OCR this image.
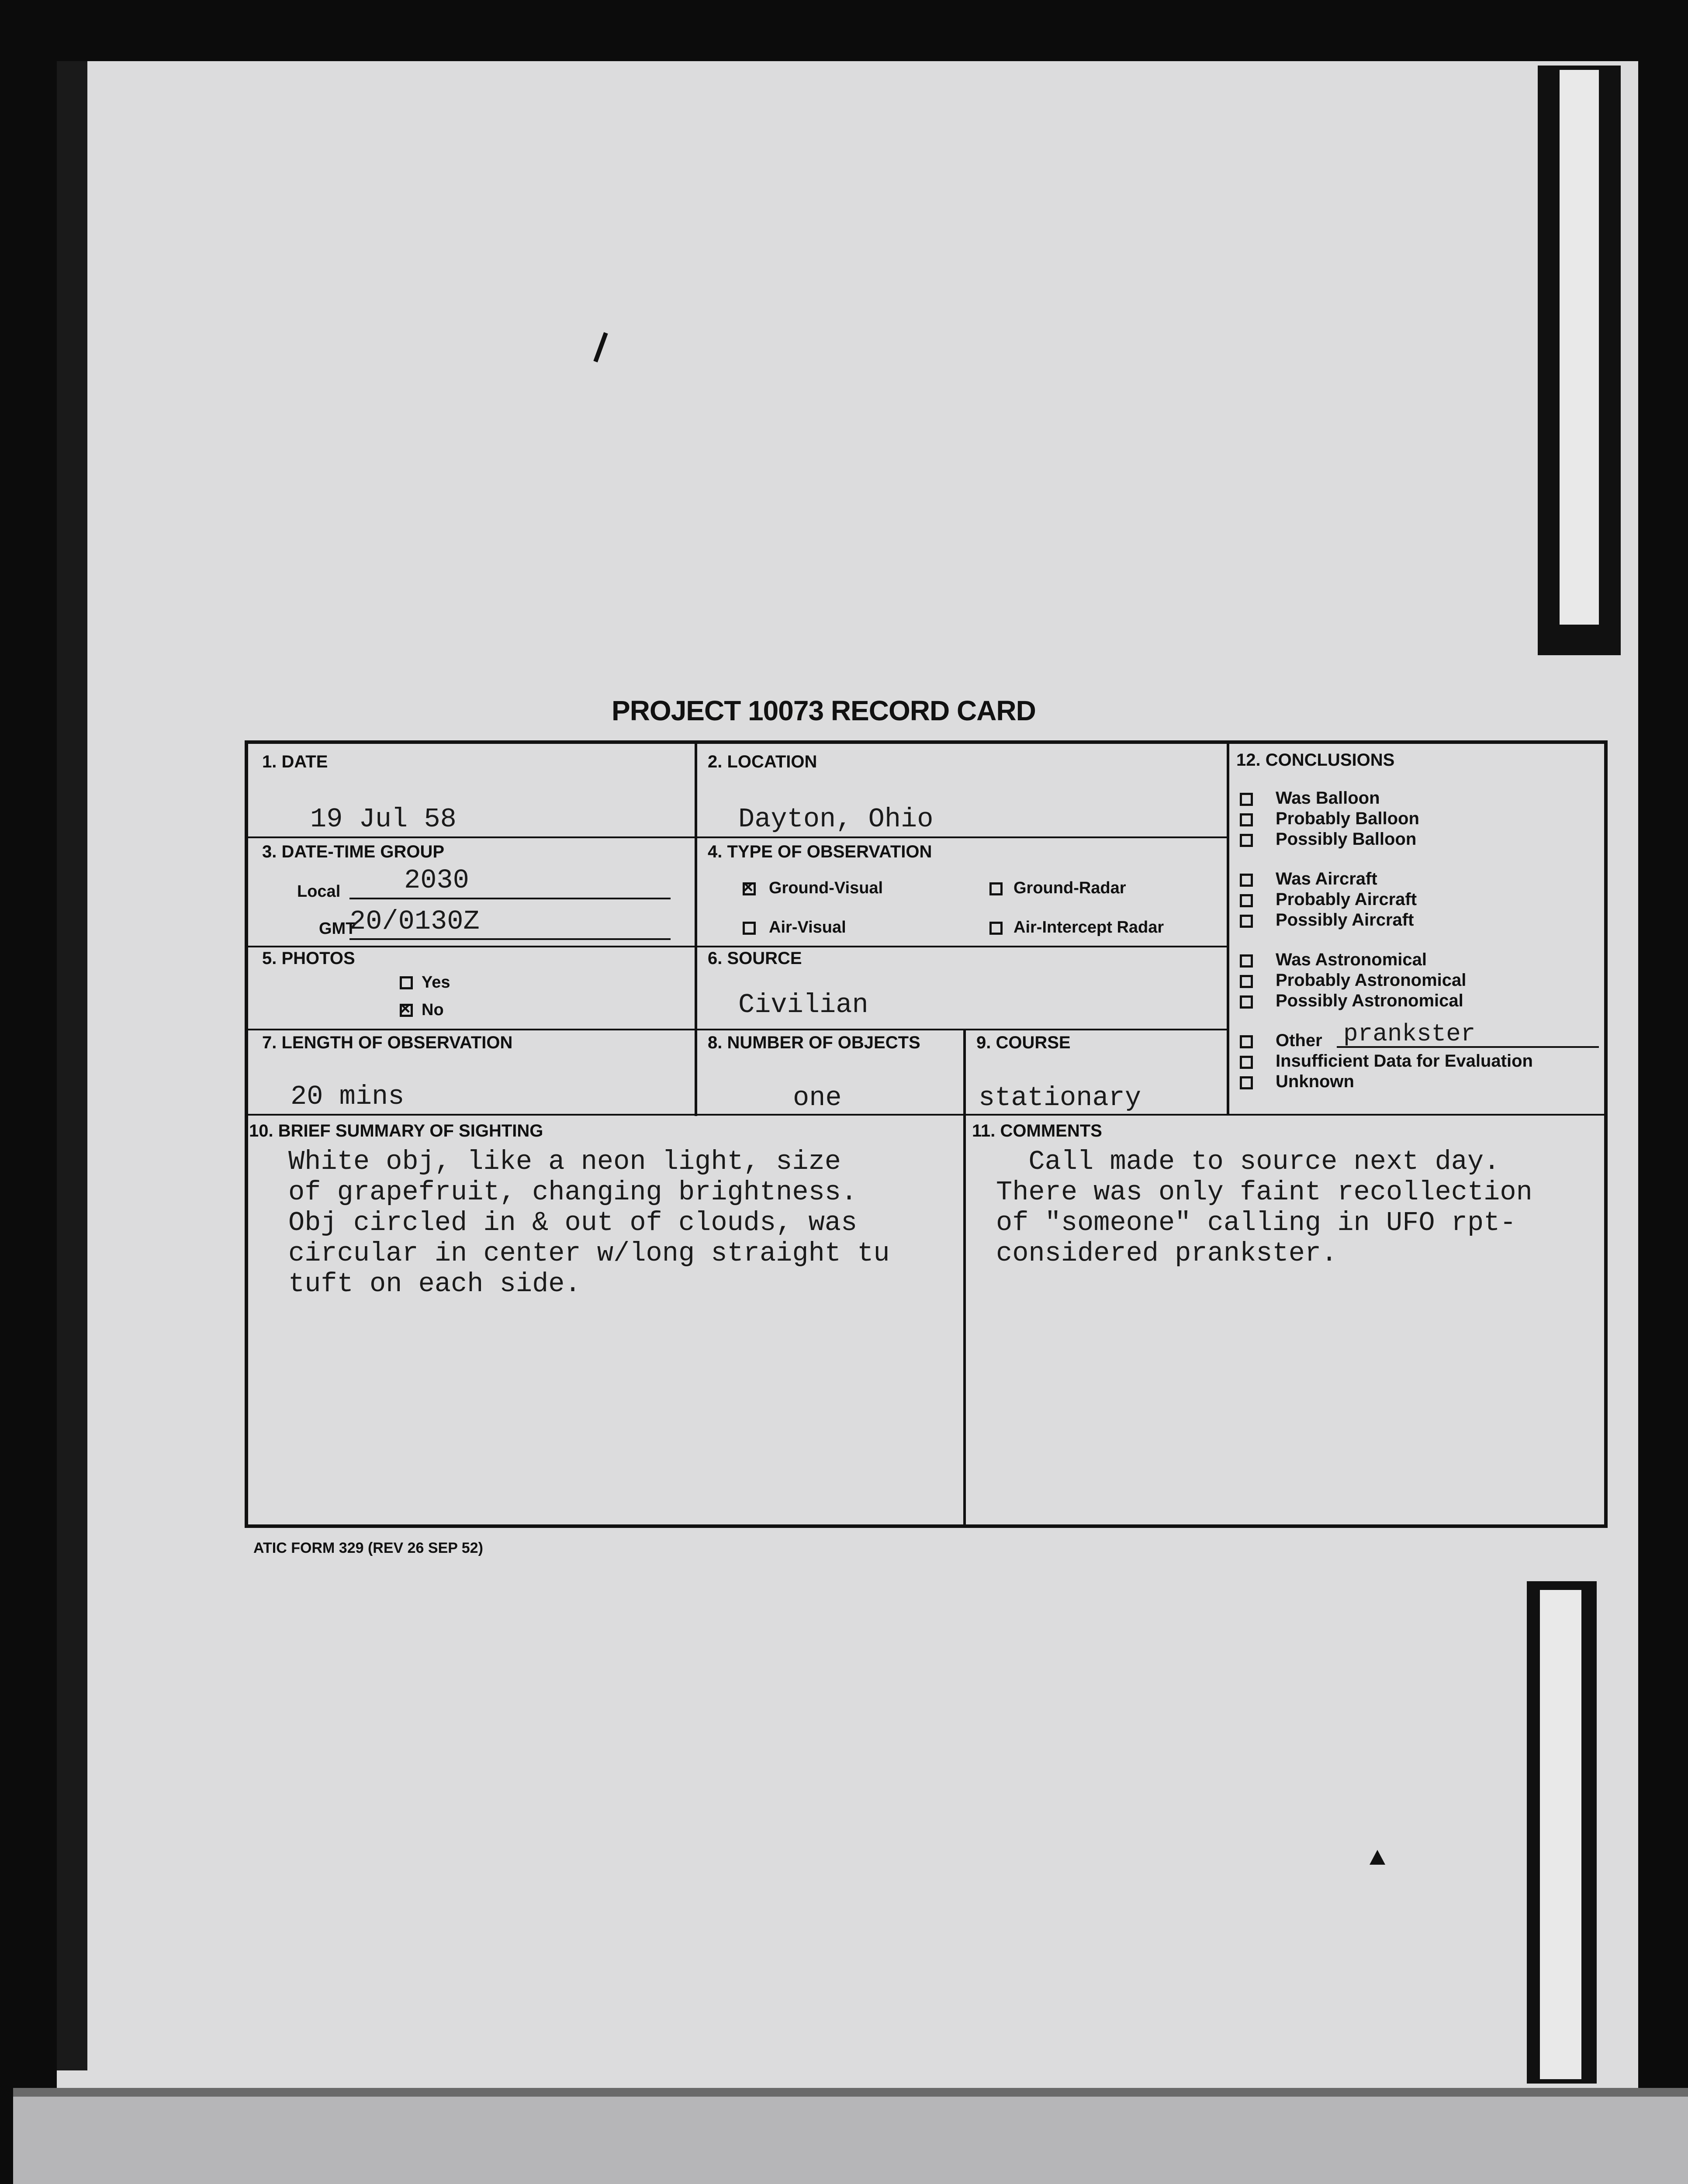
PROJECT 10073 RECORD CARD
1. DATE
19 Jul 58
2. LOCATION
Dayton, Ohio
3. DATE-TIME GROUP
Local 2030
GMT
20/0130Z
4. TYPE OF OBSERVATION
×
Ground-Visual	Ground-Radar
Air-Visual	Air-Intercept Radar
5. PHOTOS
Yes
×
No
6. SOURCE
Civilian
7. LENGTH OF OBSERVATION
20 mins
8. NUMBER OF OBJECTS
one
9. COURSE
stationary
10. BRIEF SUMMARY OF SIGHTING
White obj, like a neon light, size
of grapefruit, changing brightness.
Obj circled in & out of clouds, was
circular in center w/long straight tu
tuft on each side.
11. COMMENTS
Call made to source next day.
There was only faint recollection
of "someone" calling in UFO rpt-
considered prankster.
12. CONCLUSIONS
Was Balloon
Probably Balloon
Possibly Balloon
Was Aircraft
Probably Aircraft
Possibly Aircraft
Was Astronomical
Probably Astronomical
Possibly Astronomical
Other prankster
Insufficient Data for Evaluation
Unknown
ATIC FORM 329 (REV 26 SEP 52)
